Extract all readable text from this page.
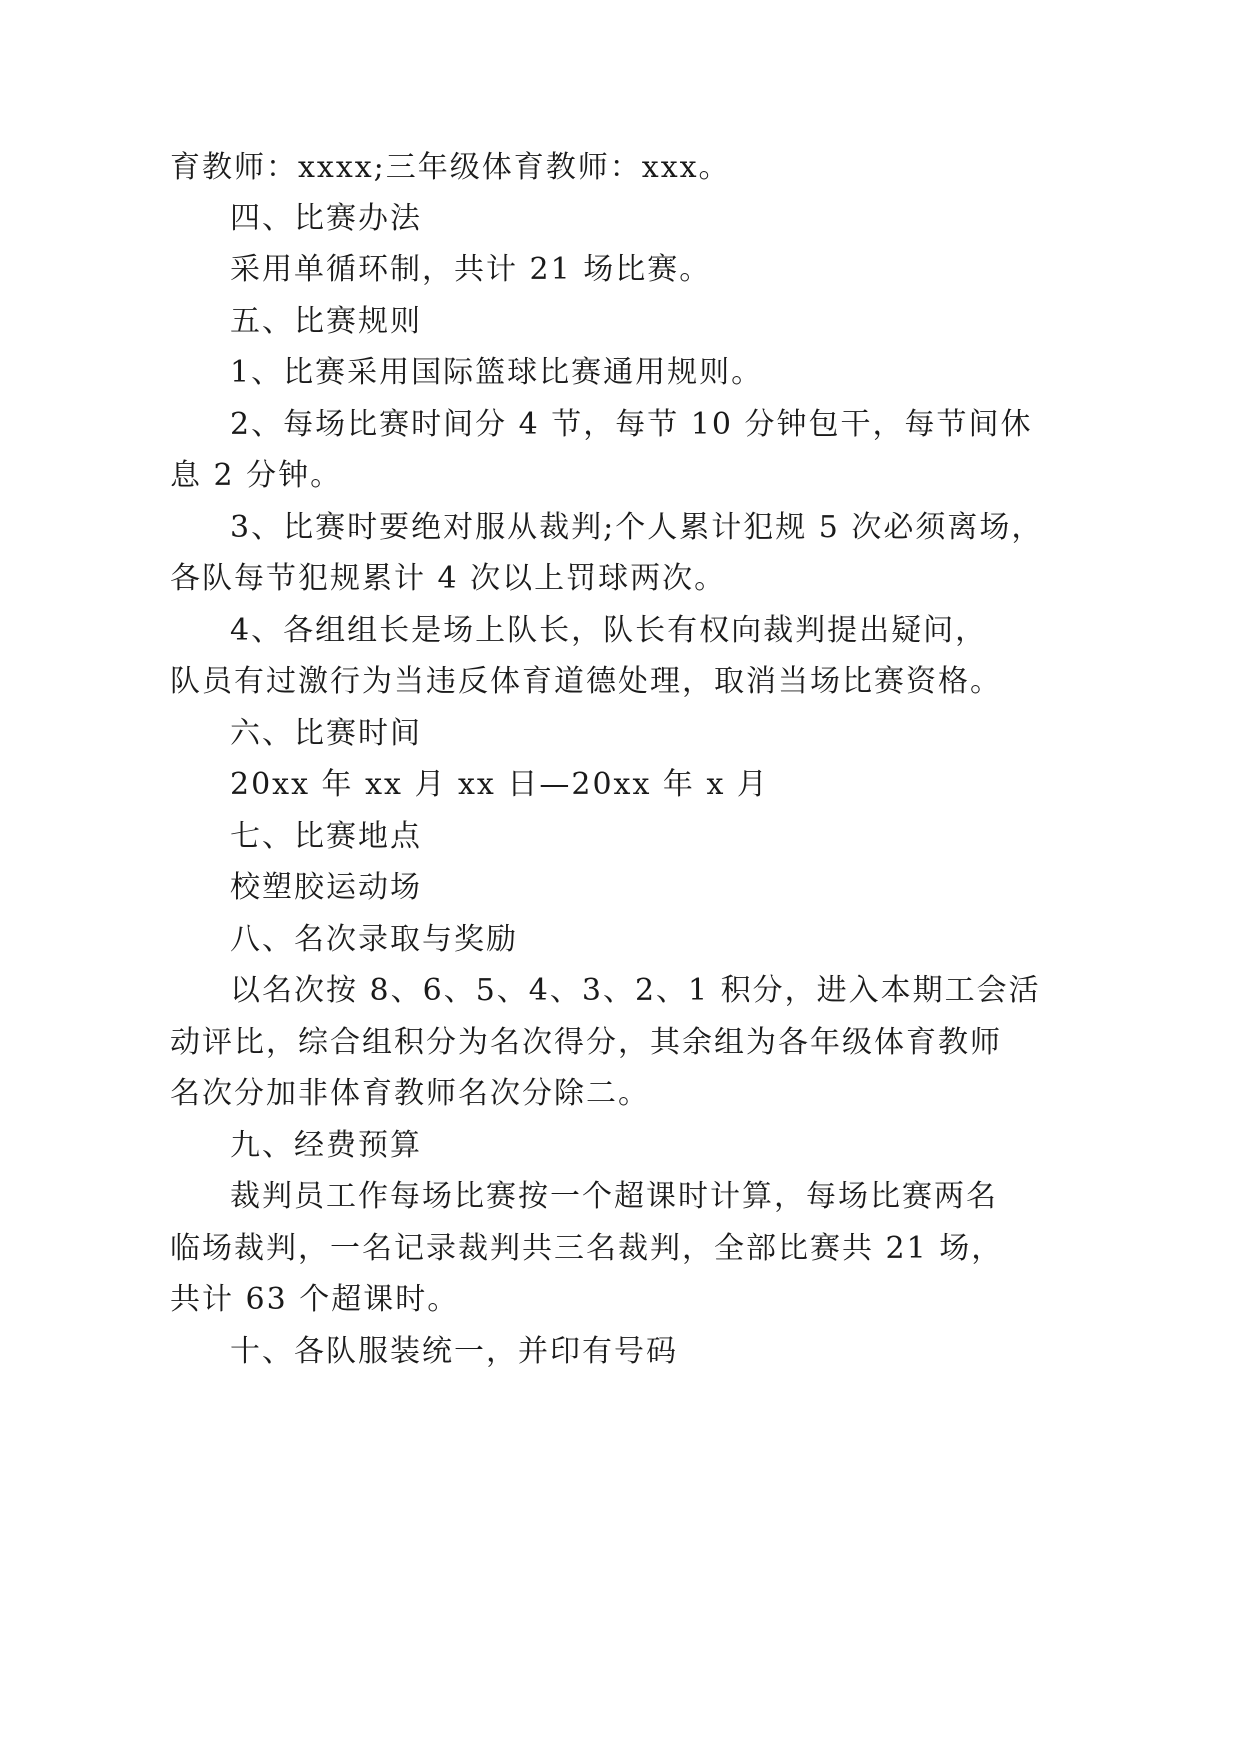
育教师：xxxx;三年级体育教师：xxx。
四、比赛办法
采用单循环制，共计 21 场比赛。
五、比赛规则
1、比赛采用国际篮球比赛通用规则。
2、每场比赛时间分 4 节，每节 10 分钟包干，每节间休
息 2 分钟。
3、比赛时要绝对服从裁判;个人累计犯规 5 次必须离场，
各队每节犯规累计 4 次以上罚球两次。
4、各组组长是场上队长，队长有权向裁判提出疑问，
队员有过激行为当违反体育道德处理，取消当场比赛资格。
六、比赛时间
20xx 年 xx 月 xx 日—20xx 年 x 月
七、比赛地点
校塑胶运动场
八、名次录取与奖励
以名次按 8、6、5、4、3、2、1 积分，进入本期工会活
动评比，综合组积分为名次得分，其余组为各年级体育教师
名次分加非体育教师名次分除二。
九、经费预算
裁判员工作每场比赛按一个超课时计算，每场比赛两名
临场裁判，一名记录裁判共三名裁判，全部比赛共 21 场，
共计 63 个超课时。
十、各队服装统一，并印有号码
